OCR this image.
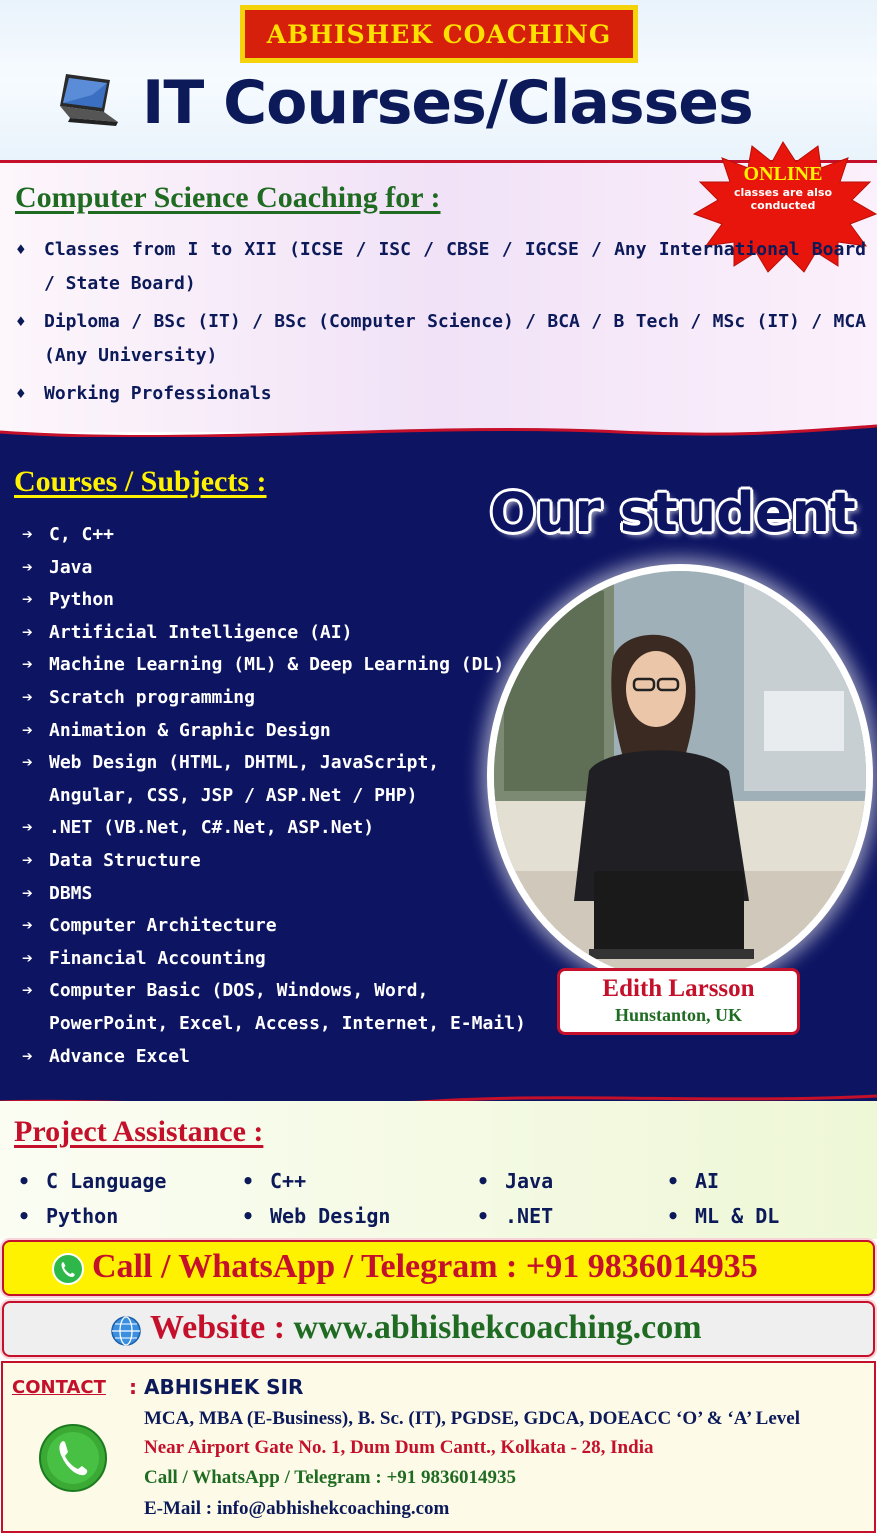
ABHISHEK COACHING
IT Courses/Classes
Computer Science Coaching for :
ONLINE
classes are also
conducted
♦ Classes from I to XII (ICSE / ISC / CBSE / IGCSE / Any International Board / State Board)
♦ Diploma / BSc (IT) / BSc (Computer Science) / BCA / B Tech / MSc (IT) / MCA (Any University)
♦ Working Professionals
Courses / Subjects :
➔ C, C++
➔ Java
➔ Python
➔ Artificial Intelligence (AI)
➔ Machine Learning (ML) & Deep Learning (DL)
➔ Scratch programming
➔ Animation & Graphic Design
➔ Web Design (HTML, DHTML, JavaScript,
Angular, CSS, JSP / ASP.Net / PHP)
➔ .NET (VB.Net, C#.Net, ASP.Net)
➔ Data Structure
➔ DBMS
➔ Computer Architecture
➔ Financial Accounting
➔ Computer Basic (DOS, Windows, Word,
PowerPoint, Excel, Access, Internet, E-Mail)
➔ Advance Excel
Our student
Edith Larsson
Hunstanton, UK
Project Assistance :
• C Language
• Python
• C++
• Web Design
• Java
• .NET
• AI
• ML & DL
Call / WhatsApp / Telegram : +91 9836014935
Website : www.abhishekcoaching.com
CONTACT : ABHISHEK SIR
MCA, MBA (E-Business), B. Sc. (IT), PGDSE, GDCA, DOEACC ‘O’ & ‘A’ Level
Near Airport Gate No. 1, Dum Dum Cantt., Kolkata - 28, India
Call / WhatsApp / Telegram : +91 9836014935
E-Mail : info@abhishekcoaching.com
